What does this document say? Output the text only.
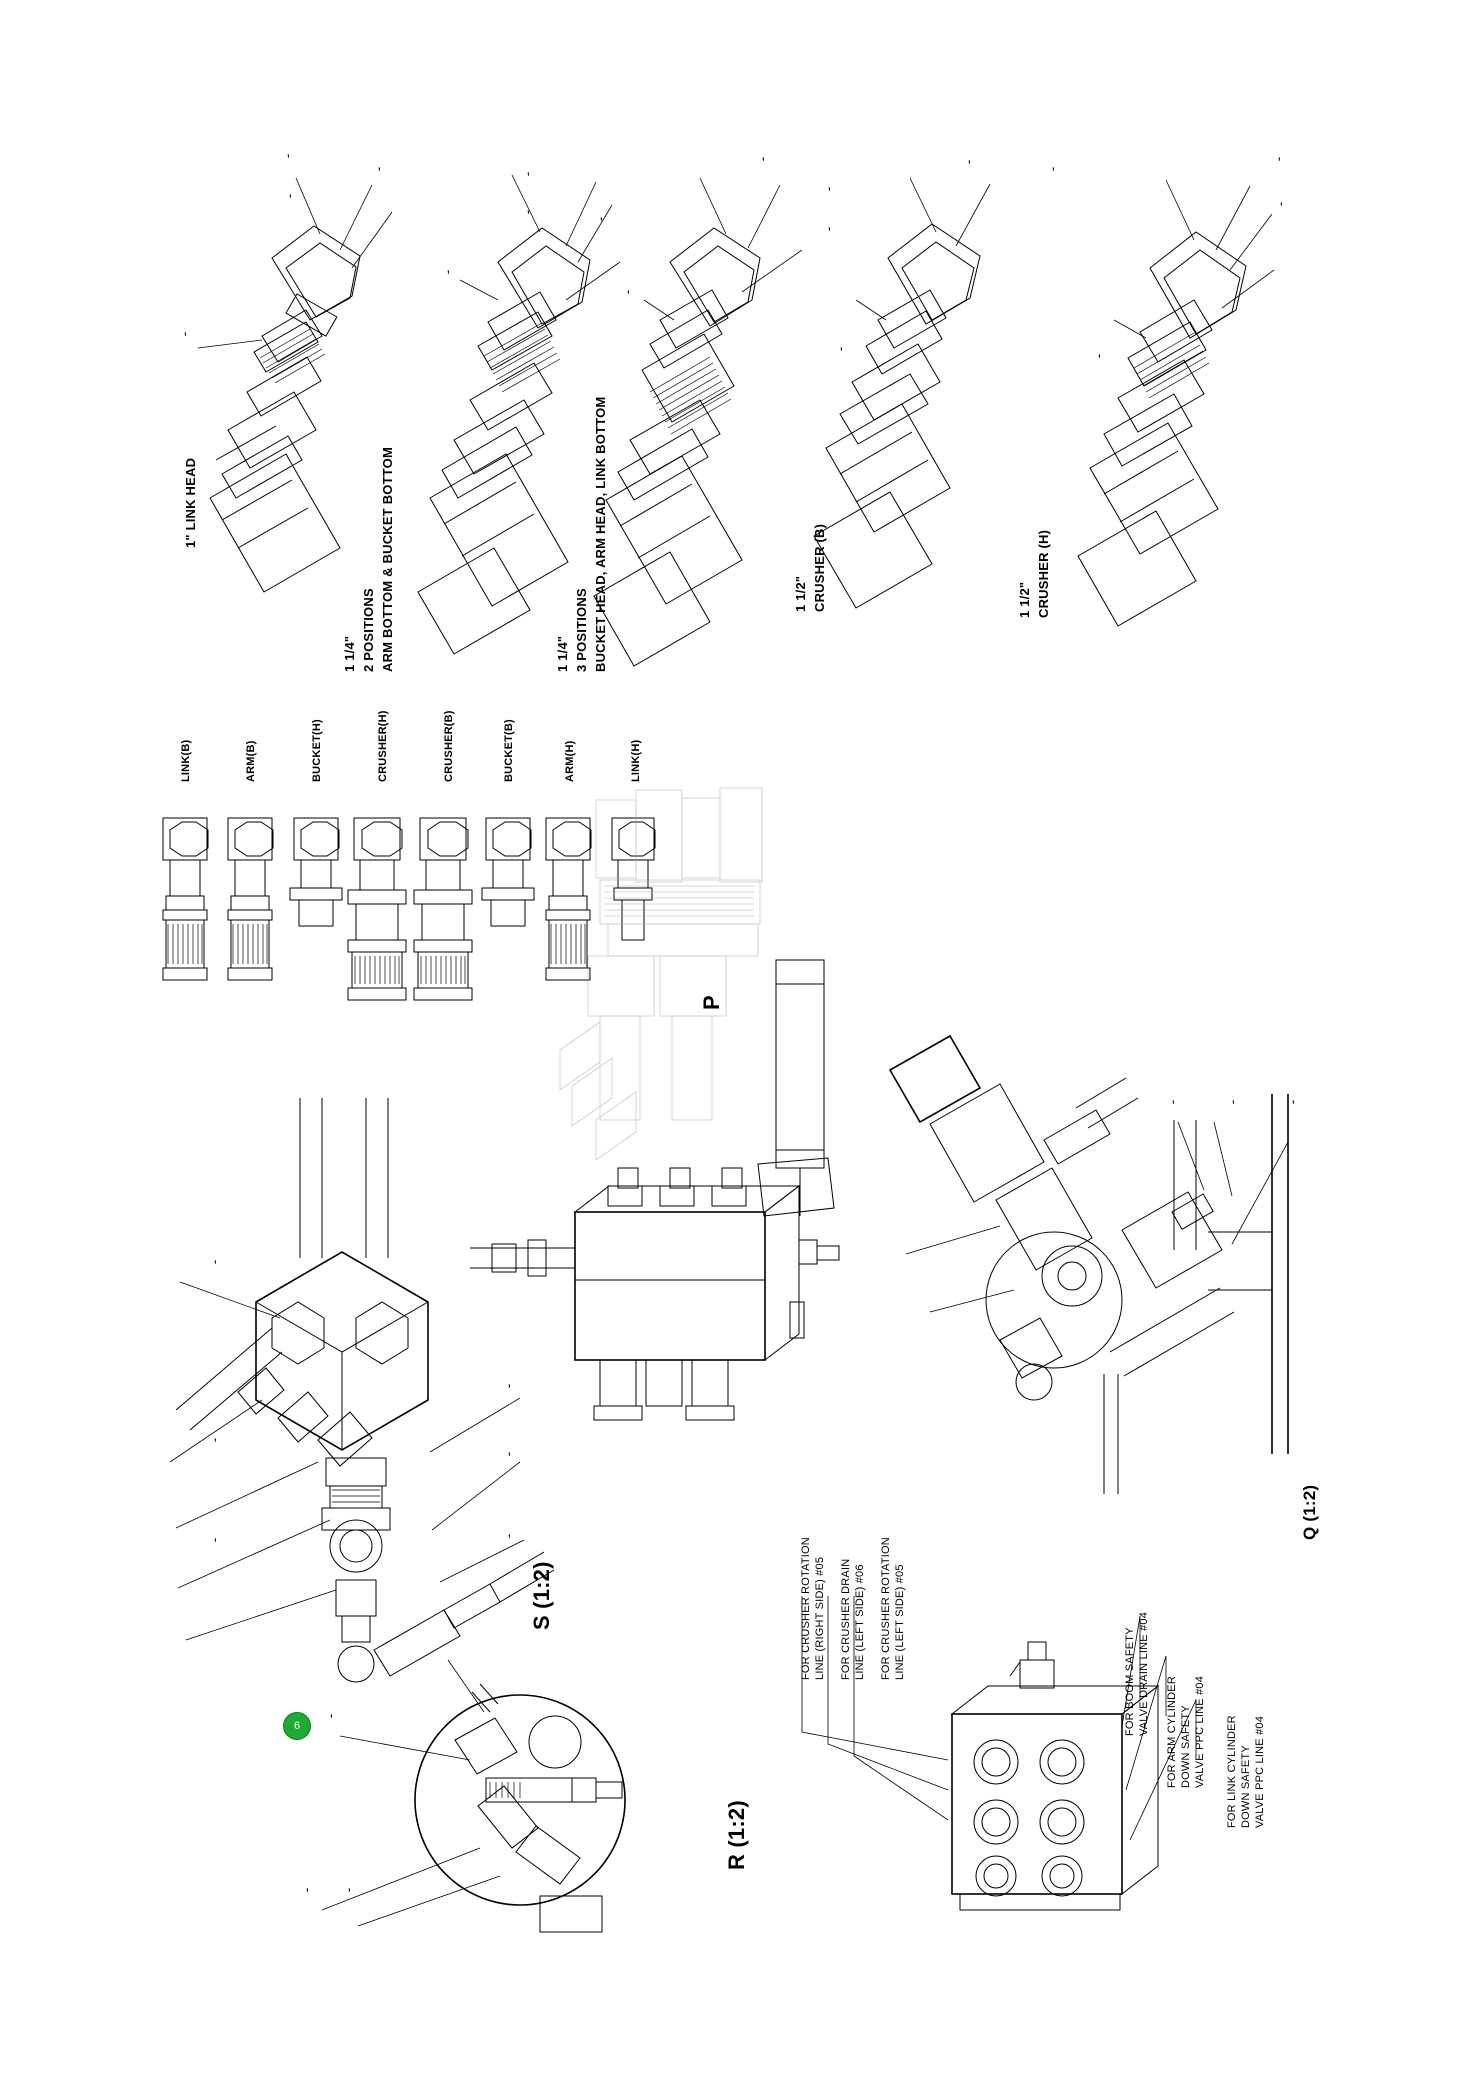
1" LINK HEAD
1 1/4" 2 POSITIONS ARM BOTTOM & BUCKET BOTTOM	1 1/4" 3 POSITIONS BUCKET HEAD, ARM HEAD, LINK BOTTOM	1 1/2" CRUSHER (B)	1 1/2" CRUSHER (H)
LINK(B)	ARM(B)	BUCKET(H)	CRUSHER(H)	CRUSHER(B)	BUCKET(B)	ARM(H)	LINK(H)
P
S (1:2)
Q (1:2)
R (1:2)
FOR CRUSHER ROTATION LINE (RIGHT SIDE) #05 FOR CRUSHER DRAIN LINE (LEFT SIDE) #06 FOR CRUSHER ROTATION LINE (LEFT SIDE) #05
FOR BOOM SAFETY VALVE DRAIN LINE #04 FOR ARM CYLINDER DOWN SAFETY VALVE PPC LINE #04 FOR LINK CYLINDER DOWN SAFETY VALVE PPC LINE #04
6
'
'
'
'
'
'	'
'
'
'
'
'
'	'
'
'
'
'
'	'	'
'
'
'
'
'
'
'
'	'
